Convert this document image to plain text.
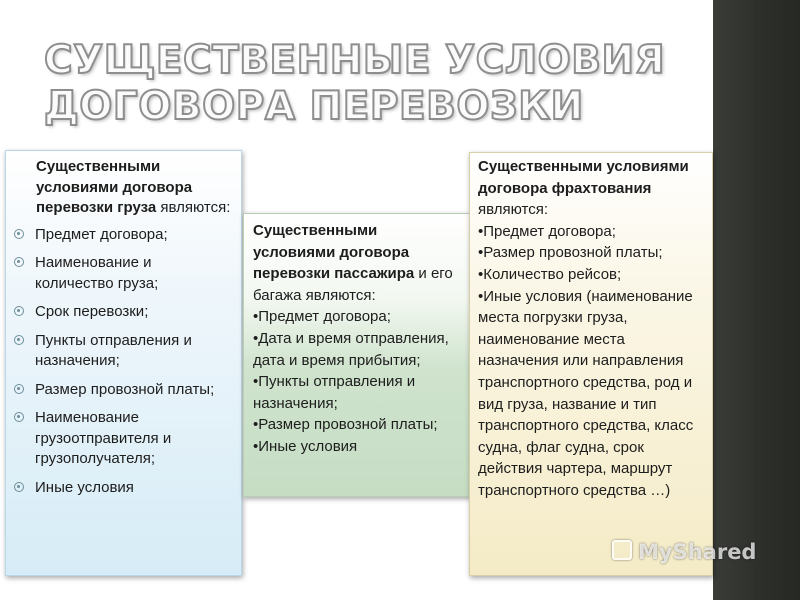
СУЩЕСТВЕННЫЕ УСЛОВИЯ
ДОГОВОРА ПЕРЕВОЗКИ
Существенными условиями договора перевозки груза являются:
Предмет договора;
Наименование и количество груза;
Срок перевозки;
Пункты отправления и назначения;
Размер провозной платы;
Наименование грузоотправителя и грузополучателя;
Иные условия
Существенными условиями договора перевозки пассажира и его багажа являются:
•Предмет договора;
•Дата и время отправления, дата и время прибытия;
•Пункты отправления и назначения;
•Размер провозной платы;
•Иные условия
Существенными условиями договора фрахтования являются:
•Предмет договора;
•Размер провозной платы;
•Количество рейсов;
•Иные условия (наименование места погрузки груза, наименование места назначения или направления транспортного средства, род и вид груза, название и тип транспортного средства, класс судна, флаг судна, срок действия чартера, маршрут транспортного средства …)
MyShared
